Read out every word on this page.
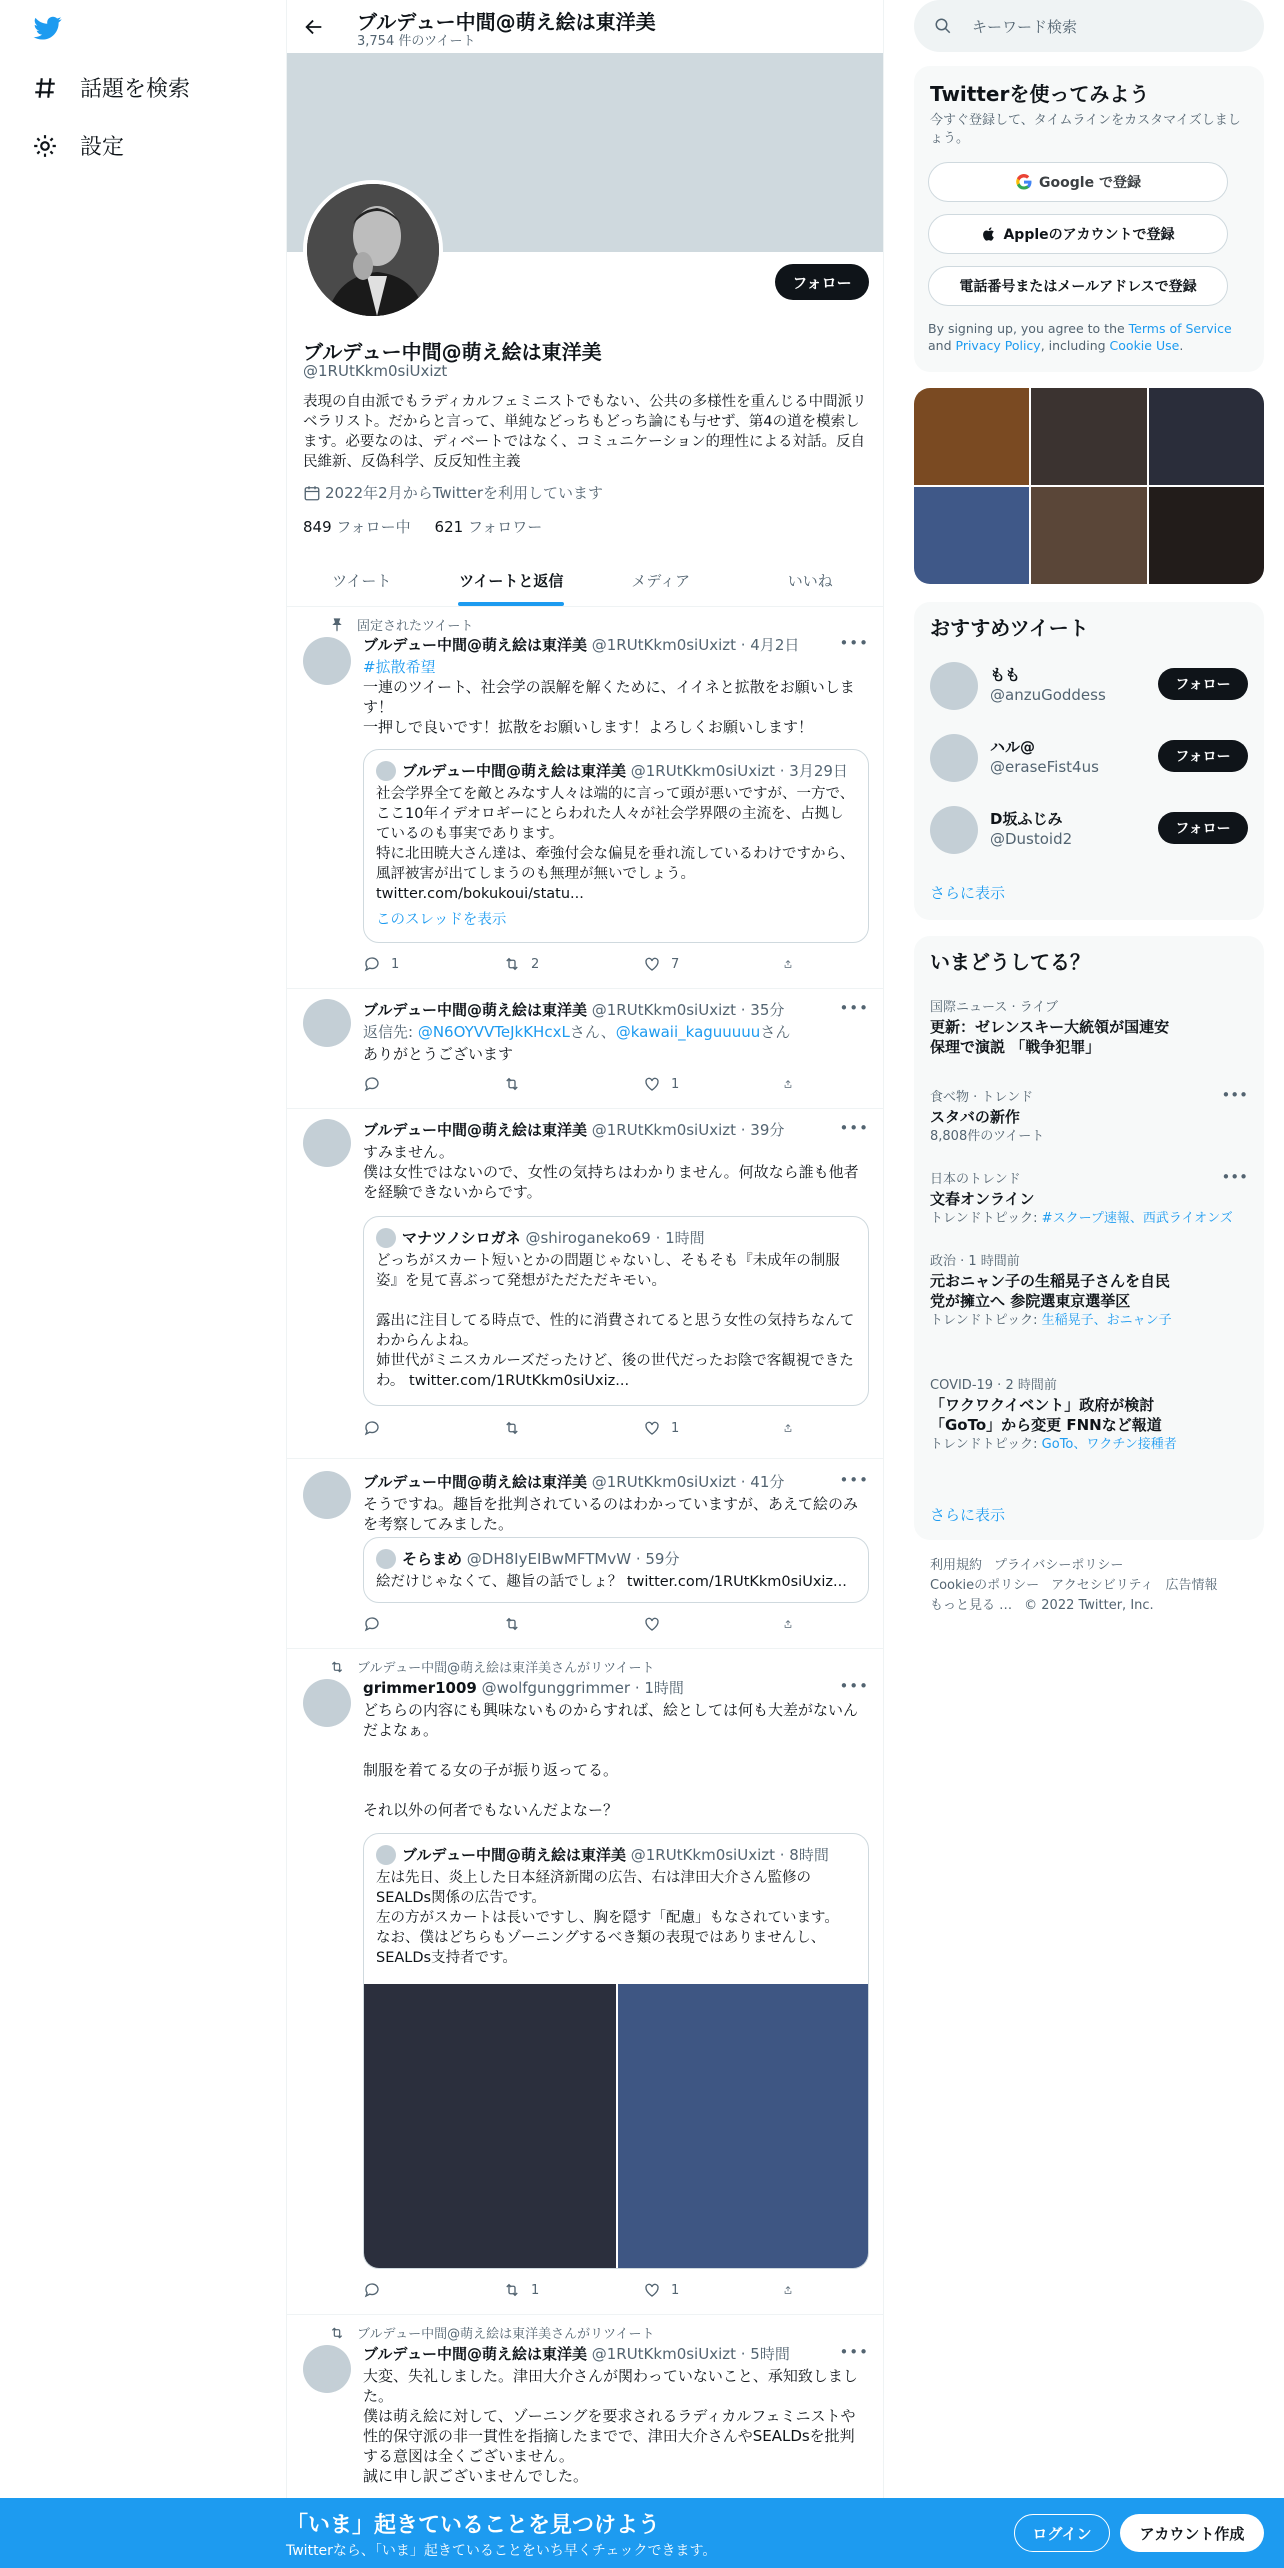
話題を検索
設定
ブルデュー中間@萌え絵は東洋美
3,754 件のツイート
フォロー
ブルデュー中間@萌え絵は東洋美
@1RUtKkm0siUxizt
表現の自由派でもラディカルフェミニストでもない、公共の多様性を重んじる中間派リベラリスト。だからと言って、単純などっちもどっち論にも与せず、第4の道を模索します。必要なのは、ディベートではなく、コミュニケーション的理性による対話。反自民維新、反偽科学、反反知性主義
2022年2月からTwitterを利用しています
849 フォロー中 621 フォロワー
ツイート	ツイートと返信	メディア	いいね
固定されたツイート
ブルデュー中間@萌え絵は東洋美 @1RUtKkm0siUxizt · 4月2日	•••
#拡散希望
一連のツイート、社会学の誤解を解くために、イイネと拡散をお願いします！
一押しで良いです！拡散をお願いします！よろしくお願いします！
ブルデュー中間@萌え絵は東洋美
@1RUtKkm0siUxizt · 3月29日
社会学界全てを敵とみなす人々は端的に言って頭が悪いですが、一方で、ここ10年イデオロギーにとらわれた人々が社会学界隈の主流を、占拠しているのも事実であります。
特に北田暁大さん達は、牽強付会な偏見を垂れ流しているわけですから、風評被害が出てしまうのも無理が無いでしょう。
twitter.com/bokukoui/statu...
このスレッドを表示
1	2	7
ブルデュー中間@萌え絵は東洋美 @1RUtKkm0siUxizt · 35分	•••
返信先: @N6OYVVTeJkKHcxLさん、@kawaii_kaguuuuuさん
ありがとうございます
1
ブルデュー中間@萌え絵は東洋美 @1RUtKkm0siUxizt · 39分	•••
すみません。
僕は女性ではないので、女性の気持ちはわかりません。何故なら誰も他者を経験できないからです。
マナツノシロガネ
@shiroganeko69 · 1時間
どっちがスカート短いとかの問題じゃないし、そもそも『未成年の制服姿』を見て喜ぶって発想がただただキモい。

露出に注目してる時点で、性的に消費されてると思う女性の気持ちなんてわからんよね。
姉世代がミニスカルーズだったけど、後の世代だったお陰で客観視できたわ。 twitter.com/1RUtKkm0siUxiz...
1
ブルデュー中間@萌え絵は東洋美 @1RUtKkm0siUxizt · 41分	•••
そうですね。趣旨を批判されているのはわかっていますが、あえて絵のみを考察してみました。
そらまめ
@DH8IyEIBwMFTMvW · 59分
絵だけじゃなくて、趣旨の話でしょ？ twitter.com/1RUtKkm0siUxiz...
ブルデュー中間@萌え絵は東洋美さんがリツイート
grimmer1009 @wolfgunggrimmer · 1時間	•••
どちらの内容にも興味ないものからすれば、絵としては何も大差がないんだよなぁ。

制服を着てる女の子が振り返ってる。

それ以外の何者でもないんだよなー？
ブルデュー中間@萌え絵は東洋美
@1RUtKkm0siUxizt · 8時間
左は先日、炎上した日本経済新聞の広告、右は津田大介さん監修のSEALDs関係の広告です。
左の方がスカートは長いですし、胸を隠す「配慮」もなされています。
なお、僕はどちらもゾーニングするべき類の表現ではありませんし、SEALDs支持者です。
1	1
ブルデュー中間@萌え絵は東洋美さんがリツイート
ブルデュー中間@萌え絵は東洋美 @1RUtKkm0siUxizt · 5時間	•••
大変、失礼しました。津田大介さんが関わっていないこと、承知致しました。
僕は萌え絵に対して、ゾーニングを要求されるラディカルフェミニストや性的保守派の非一貫性を指摘したまでで、津田大介さんやSEALDsを批判する意図は全くございません。
誠に申し訳ございませんでした。
キーワード検索
Twitterを使ってみよう
今すぐ登録して、タイムラインをカスタマイズしましょう。
Google で登録
Appleのアカウントで登録
電話番号またはメールアドレスで登録
By signing up, you agree to the Terms of Service and Privacy Policy, including Cookie Use.
おすすめツイート
もも
@anzuGoddess
フォロー
ハル@
@eraseFist4us
フォロー
D坂ふじみ
@Dustoid2
フォロー
さらに表示
いまどうしてる？
国際ニュース · ライブ
更新：ゼレンスキー大統領が国連安保理で演説 「戦争犯罪」
•••
食べ物 · トレンド
スタバの新作
8,808件のツイート
•••
日本のトレンド
文春オンライン
トレンドトピック: #スクープ速報、西武ライオンズ
政治 · 1 時間前
元おニャン子の生稲晃子さんを自民党が擁立へ 参院選東京選挙区
トレンドトピック: 生稲晃子、おニャン子
COVID-19 · 2 時間前
「ワクワクイベント」政府が検討 「GoTo」から変更 FNNなど報道
トレンドトピック: GoTo、ワクチン接種者
さらに表示
利用規約 プライバシーポリシー
Cookieのポリシー アクセシビリティ 広告情報
もっと見る … © 2022 Twitter, Inc.
「いま」起きていることを見つけよう
Twitterなら、「いま」起きていることをいち早くチェックできます。
ログイン	アカウント作成
